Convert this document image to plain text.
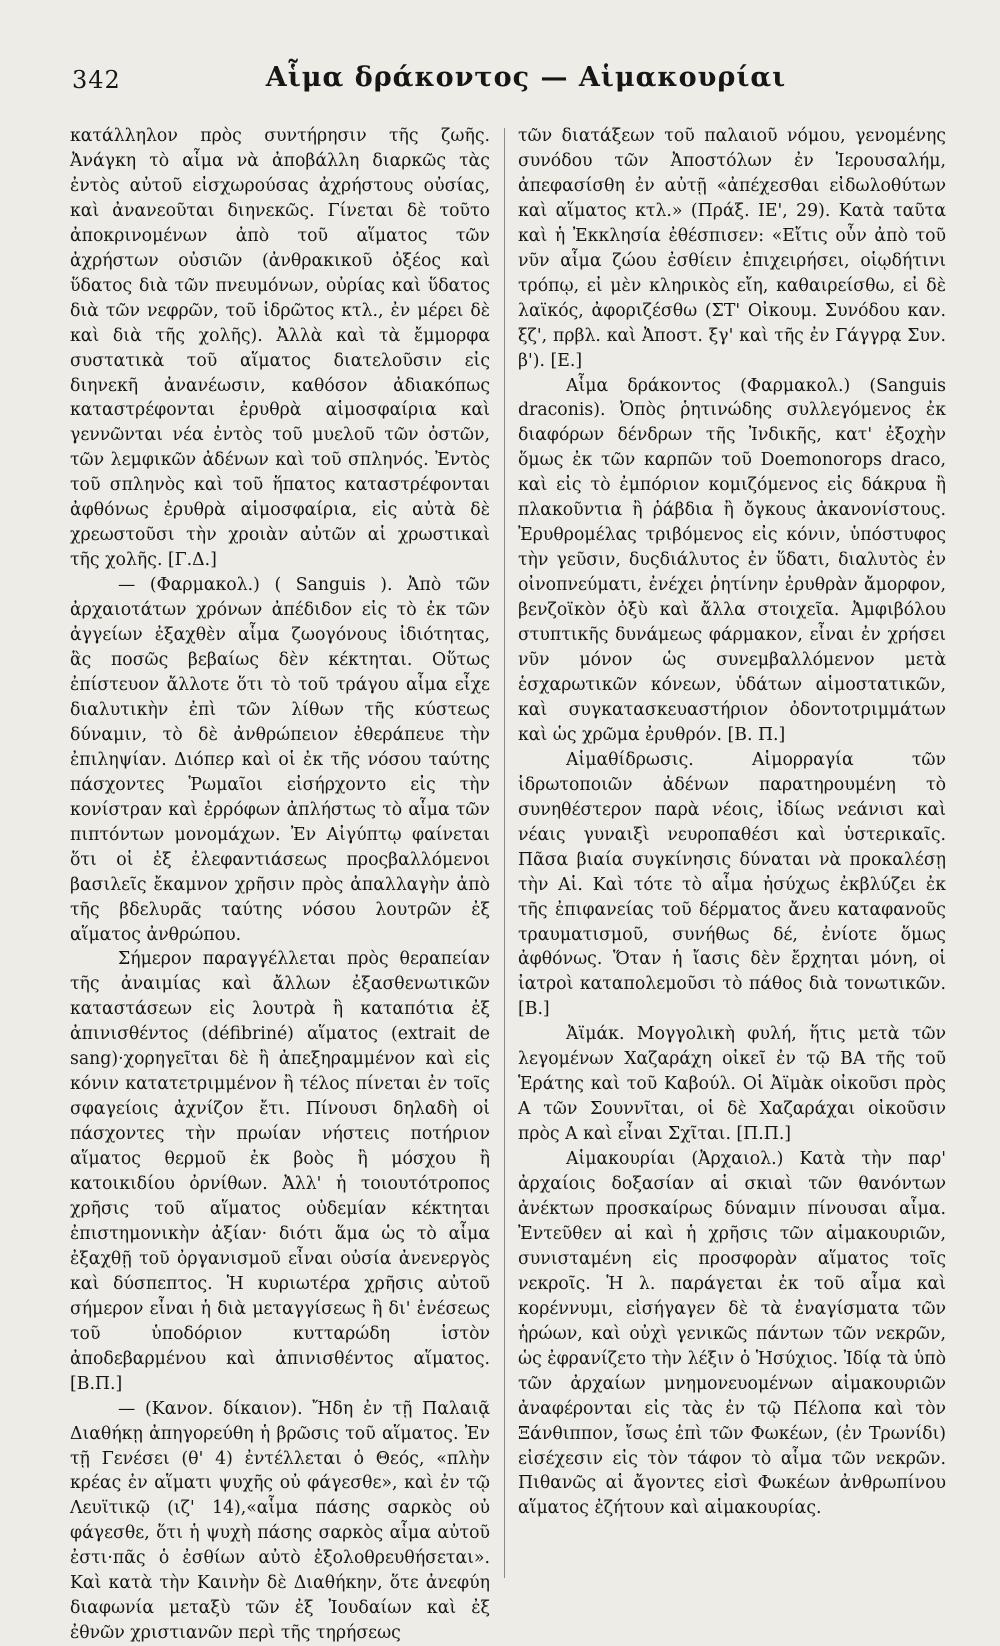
342	Αἷμα δράκοντος — Αἱμακουρίαι

κατάλληλον πρὸς συντήρησιν τῆς ζωῆς. Ἀνάγκη τὸ αἷμα νὰ ἀποβάλλη διαρκῶς τὰς ἐντὸς αὐτοῦ εἰσχωρούσας ἀχρήστους οὐσίας, καὶ ἀνανεοῦται διηνεκῶς. Γίνεται δὲ τοῦτο ἀποκρινομένων ἀπὸ τοῦ αἵματος τῶν ἀχρήστων οὐσιῶν (ἀνθρακικοῦ ὀξέος καὶ ὕδατος διὰ τῶν πνευμόνων, οὐρίας καὶ ὕδατος διὰ τῶν νεφρῶν, τοῦ ἱδρῶτος κτλ., ἐν μέρει δὲ καὶ διὰ τῆς χολῆς). Ἀλλὰ καὶ τὰ ἔμμορφα συστατικὰ τοῦ αἵματος διατελοῦσιν εἰς διηνεκῆ ἀνανέωσιν, καθόσον ἀδιακόπως καταστρέφονται ἐρυθρὰ αἱμοσφαίρια καὶ γεννῶνται νέα ἐντὸς τοῦ μυελοῦ τῶν ὀστῶν, τῶν λεμφικῶν ἀδένων καὶ τοῦ σπληνός. Ἐντὸς τοῦ σπληνὸς καὶ τοῦ ἥπατος καταστρέφονται ἀφθόνως ἐρυθρὰ αἱμοσφαίρια, εἰς αὐτὰ δὲ χρεωστοῦσι τὴν χροιὰν αὐτῶν αἱ χρωστικαὶ τῆς χολῆς. [Γ.Δ.]

— (Φαρμακολ.) ( Sanguis ). Ἀπὸ τῶν ἀρχαιοτάτων χρόνων ἀπέδιδον εἰς τὸ ἐκ τῶν ἀγγείων ἐξαχθὲν αἷμα ζωογόνους ἰδιότητας, ἃς ποσῶς βεβαίως δὲν κέκτηται. Οὕτως ἐπίστευον ἄλλοτε ὅτι τὸ τοῦ τράγου αἷμα εἶχε διαλυτικὴν ἐπὶ τῶν λίθων τῆς κύστεως δύναμιν, τὸ δὲ ἀνθρώπειον ἐθεράπευε τὴν ἐπιληψίαν. Διόπερ καὶ οἱ ἐκ τῆς νόσου ταύτης πάσχοντες Ῥωμαῖοι εἰσήρχοντο εἰς τὴν κονίστραν καὶ ἐρρόφων ἀπλήστως τὸ αἷμα τῶν πιπτόντων μονομάχων. Ἐν Αἰγύπτῳ φαίνεται ὅτι οἱ ἐξ ἐλεφαντιάσεως προςβαλλόμενοι βασιλεῖς ἔκαμνον χρῆσιν πρὸς ἀπαλλαγὴν ἀπὸ τῆς βδελυρᾶς ταύτης νόσου λουτρῶν ἐξ αἵματος ἀνθρώπου.

Σήμερον παραγγέλλεται πρὸς θεραπείαν τῆς ἀναιμίας καὶ ἄλλων ἐξασθενωτικῶν καταστάσεων εἰς λουτρὰ ἢ καταπότια ἐξ ἀπινισθέντος (défibriné) αἵματος (extrait de sang)·χορηγεῖται δὲ ἢ ἀπεξηραμμένον καὶ εἰς κόνιν κατατετριμμένον ἢ τέλος πίνεται ἐν τοῖς σφαγείοις ἀχνίζον ἔτι. Πίνουσι δηλαδὴ οἱ πάσχοντες τὴν πρωίαν νήστεις ποτήριον αἵματος θερμοῦ ἐκ βοὸς ἢ μόσχου ἢ κατοικιδίου ὀρνίθων. Ἀλλ' ἡ τοιουτότροπος χρῆσις τοῦ αἵματος οὐδεμίαν κέκτηται ἐπιστημονικὴν ἀξίαν· διότι ἅμα ὡς τὸ αἷμα ἐξαχθῇ τοῦ ὀργανισμοῦ εἶναι οὐσία ἀνενεργὸς καὶ δύσπεπτος. Ἡ κυριωτέρα χρῆσις αὐτοῦ σήμερον εἶναι ἡ διὰ μεταγγίσεως ἢ δι' ἐνέσεως τοῦ ὑποδόριον κυτταρώδη ἱστὸν ἀποδεβαρμένου καὶ ἀπινισθέντος αἵματος. [Β.Π.]

— (Κανον. δίκαιον). Ἤδη ἐν τῇ Παλαιᾷ Διαθήκῃ ἀπηγορεύθη ἡ βρῶσις τοῦ αἵματος. Ἐν τῇ Γενέσει (θ' 4) ἐντέλλεται ὁ Θεός, «πλὴν κρέας ἐν αἵματι ψυχῆς οὐ φάγεσθε», καὶ ἐν τῷ Λευϊτικῷ (ιζ' 14),«αἷμα πάσης σαρκὸς οὐ φάγεσθε, ὅτι ἡ ψυχὴ πάσης σαρκὸς αἷμα αὐτοῦ ἐστι·πᾶς ὁ ἐσθίων αὐτὸ ἐξολοθρευθήσεται». Καὶ κατὰ τὴν Καινὴν δὲ Διαθήκην, ὅτε ἀνεφύη διαφωνία μεταξὺ τῶν ἐξ Ἰουδαίων καὶ ἐξ ἐθνῶν χριστιανῶν περὶ τῆς τηρήσεως

τῶν διατάξεων τοῦ παλαιοῦ νόμου, γενομένης συνόδου τῶν Ἀποστόλων ἐν Ἱερουσαλήμ, ἀπεφασίσθη ἐν αὐτῇ «ἀπέχεσθαι εἰδωλοθύτων καὶ αἵματος κτλ.» (Πράξ. ΙΕ', 29). Κατὰ ταῦτα καὶ ἡ Ἐκκλησία ἐθέσπισεν: «Εἴτις οὖν ἀπὸ τοῦ νῦν αἷμα ζώου ἐσθίειν ἐπιχειρήσει, οἱῳδήτινι τρόπῳ, εἰ μὲν κληρικὸς εἴη, καθαιρείσθω, εἰ δὲ λαϊκός, ἀφοριζέσθω (ΣΤ' Οἰκουμ. Συνόδου καν. ξζ', πρβλ. καὶ Ἀποστ. ξγ' καὶ τῆς ἐν Γάγγρᾳ Συν. β'). [Ε.]

Αἷμα δράκοντος (Φαρμακολ.) (Sanguis draconis). Ὀπὸς ῥητινώδης συλλεγόμενος ἐκ διαφόρων δένδρων τῆς Ἰνδικῆς, κατ' ἐξοχὴν ὅμως ἐκ τῶν καρπῶν τοῦ Doemonorops draco, καὶ εἰς τὸ ἐμπόριον κομιζόμενος εἰς δάκρυα ἢ πλακοῦντια ἢ ῥάβδια ἢ ὄγκους ἀκανονίστους. Ἐρυθρομέλας τριβόμενος εἰς κόνιν, ὑπόστυφος τὴν γεῦσιν, δυςδιάλυτος ἐν ὕδατι, διαλυτὸς ἐν οἰνοπνεύματι, ἐνέχει ῥητίνην ἐρυθρὰν ἄμορφον, βενζοϊκὸν ὀξὺ καὶ ἄλλα στοιχεῖα. Ἀμφιβόλου στυπτικῆς δυνάμεως φάρμακον, εἶναι ἐν χρήσει νῦν μόνον ὡς συνεμβαλλόμενον μετὰ ἑσχαρωτικῶν κόνεων, ὑδάτων αἱμοστατικῶν, καὶ συγκατασκευαστήριον ὀδοντοτριμμάτων καὶ ὡς χρῶμα ἐρυθρόν. [Β. Π.]

Αἱμαθίδρωσις. Αἱμορραγία τῶν ἱδρωτοποιῶν ἀδένων παρατηρουμένη τὸ συνηθέστερον παρὰ νέοις, ἰδίως νεάνισι καὶ νέαις γυναιξὶ νευροπαθέσι καὶ ὑστερικαῖς. Πᾶσα βιαία συγκίνησις δύναται νὰ προκαλέσῃ τὴν Αἱ. Καὶ τότε τὸ αἷμα ἠσύχως ἐκβλύζει ἐκ τῆς ἐπιφανείας τοῦ δέρματος ἄνευ καταφανοῦς τραυματισμοῦ, συνήθως δέ, ἐνίοτε ὅμως ἀφθόνως. Ὅταν ἡ ἴασις δὲν ἔρχηται μόνη, οἱ ἰατροὶ καταπολεμοῦσι τὸ πάθος διὰ τονωτικῶν. [Β.]

Ἀϊμάκ. Μογγολικὴ φυλή, ἥτις μετὰ τῶν λεγομένων Χαζαράχη οἰκεῖ ἐν τῷ ΒΑ τῆς τοῦ Ἑράτης καὶ τοῦ Καβούλ. Οἱ Ἀϊμὰκ οἰκοῦσι πρὸς Α τῶν Σουννῖται, οἱ δὲ Χαζαράχαι οἰκοῦσιν πρὸς Α καὶ εἶναι Σχῖται. [Π.Π.]

Αἱμακουρίαι (Ἀρχαιολ.) Κατὰ τὴν παρ' ἀρχαίοις δοξασίαν αἱ σκιαὶ τῶν θανόντων ἀνέκτων προσκαίρως δύναμιν πίνουσαι αἷμα. Ἐντεῦθεν αἱ καὶ ἡ χρῆσις τῶν αἱμακουριῶν, συνισταμένη εἰς προσφορὰν αἵματος τοῖς νεκροῖς. Ἡ λ. παράγεται ἐκ τοῦ αἷμα καὶ κορέννυμι, εἰσήγαγεν δὲ τὰ ἐναγίσματα τῶν ἡρώων, καὶ οὐχὶ γενικῶς πάντων τῶν νεκρῶν, ὡς ἐφρανίζετο τὴν λέξιν ὁ Ἡσύχιος. Ἰδίᾳ τὰ ὑπὸ τῶν ἀρχαίων μνημονευομένων αἱμακουριῶν ἀναφέρονται εἰς τὰς ἐν τῷ Πέλοπα καὶ τὸν Ξάνθιππον, ἴσως ἐπὶ τῶν Φωκέων, (ἐν Τρωνίδι) εἰσέχεσιν εἰς τὸν τάφον τὸ αἷμα τῶν νεκρῶν. Πιθανῶς αἱ ἄγοντες εἰσὶ Φωκέων ἀνθρωπίνου αἵματος ἐζήτουν καὶ αἱμακουρίας.
